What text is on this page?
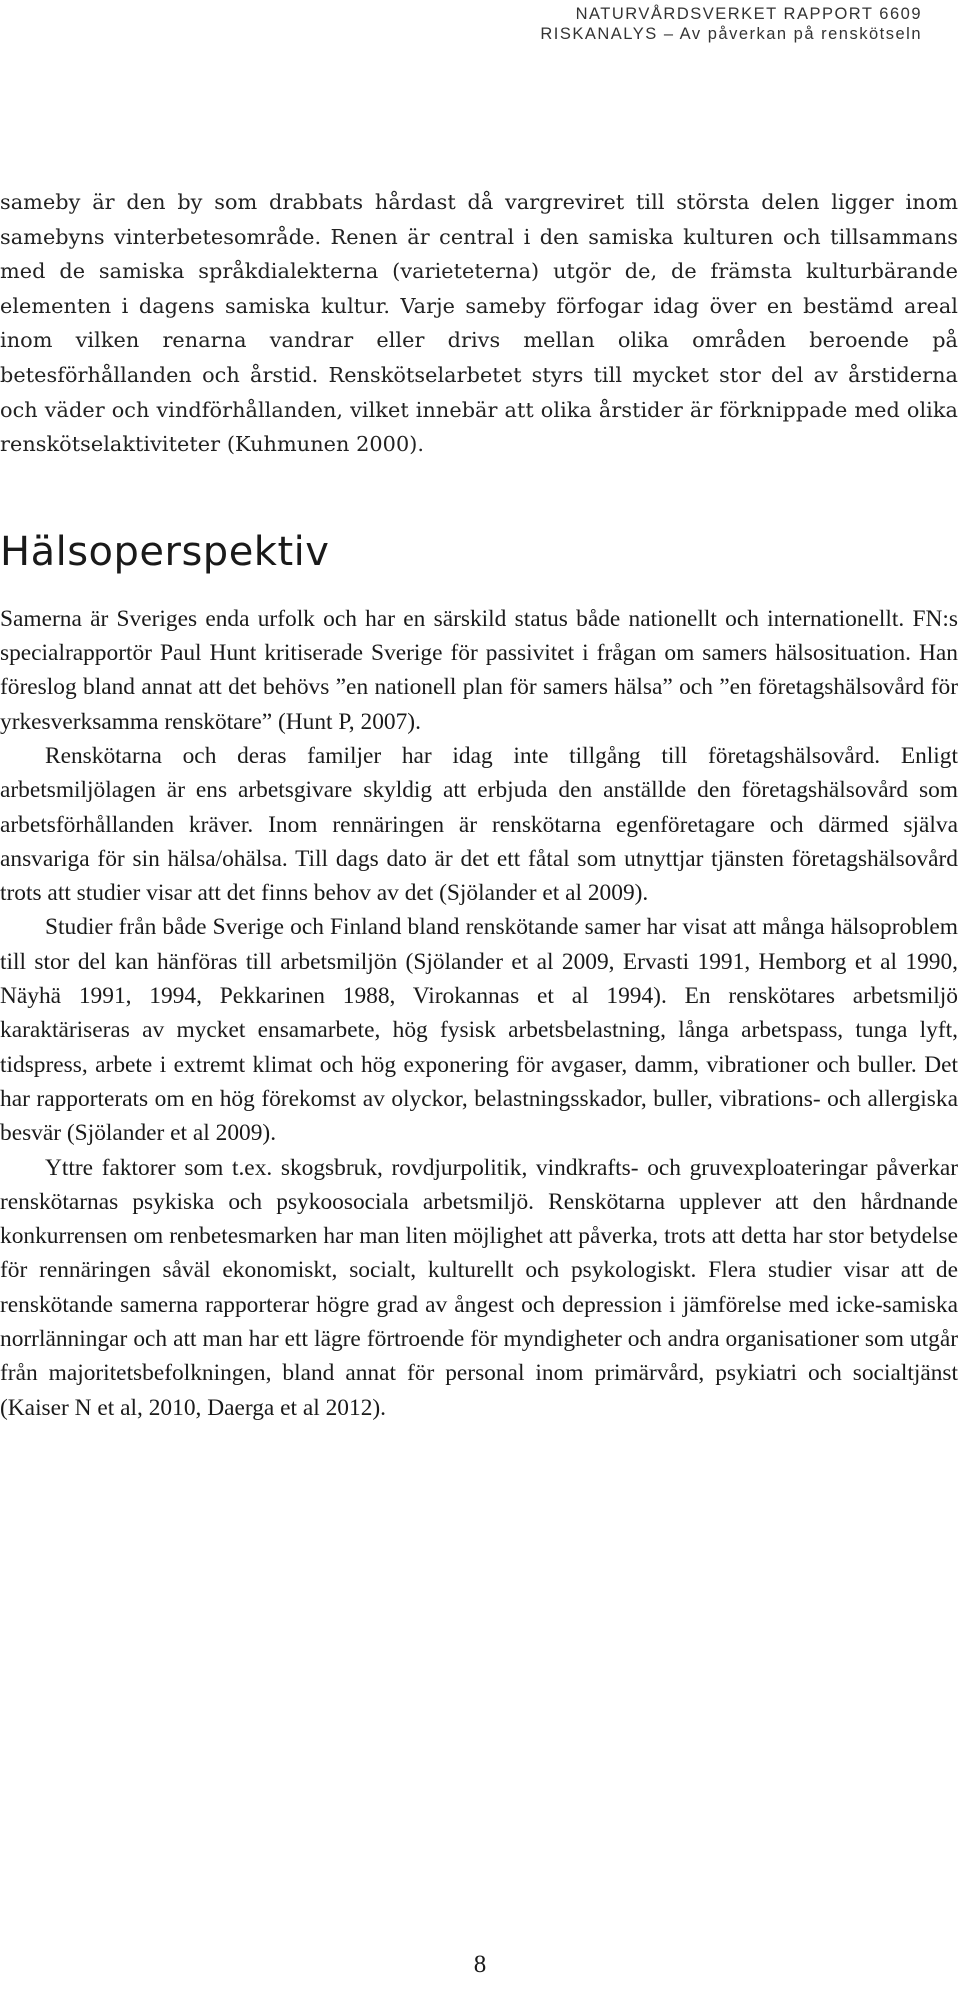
NATURVÅRDSVERKET RAPPORT 6609
RISKANALYS – Av påverkan på renskötseln

sameby är den by som drabbats hårdast då vargreviret till största delen ligger inom samebyns vinterbetesområde. Renen är central i den samiska kulturen och tillsammans med de samiska språkdialekterna (varieteterna) utgör de, de främsta kulturbärande elementen i dagens samiska kultur. Varje sameby förfogar idag över en bestämd areal inom vilken renarna vandrar eller drivs mellan olika områden beroende på betesförhållanden och årstid. Renskötselarbetet styrs till mycket stor del av årstiderna och väder och vindförhållanden, vilket innebär att olika årstider är förknippade med olika renskötselaktiviteter (Kuhmunen 2000).

Hälsoperspektiv

Samerna är Sveriges enda urfolk och har en särskild status både nationellt och internationellt. FN:s specialrapportör Paul Hunt kritiserade Sverige för passivitet i frågan om samers hälsosituation. Han föreslog bland annat att det behövs ”en nationell plan för samers hälsa” och ”en företagshälsovård för yrkesverksamma renskötare” (Hunt P, 2007).

Renskötarna och deras familjer har idag inte tillgång till företagshälsovård. Enligt arbetsmiljölagen är ens arbetsgivare skyldig att erbjuda den anställde den företagshälsovård som arbetsförhållanden kräver. Inom rennäringen är renskötarna egenföretagare och därmed själva ansvariga för sin hälsa/ohälsa. Till dags dato är det ett fåtal som utnyttjar tjänsten företagshälsovård trots att studier visar att det finns behov av det (Sjölander et al 2009).

Studier från både Sverige och Finland bland renskötande samer har visat att många hälsoproblem till stor del kan hänföras till arbetsmiljön (Sjölander et al 2009, Ervasti 1991, Hemborg et al 1990, Näyhä 1991, 1994, Pekkarinen 1988, Virokannas et al 1994). En renskötares arbetsmiljö karaktäriseras av mycket ensamarbete, hög fysisk arbetsbelastning, långa arbetspass, tunga lyft, tidspress, arbete i extremt klimat och hög exponering för avgaser, damm, vibrationer och buller. Det har rapporterats om en hög förekomst av olyckor, belastningsskador, buller, vibrations- och allergiska besvär (Sjölander et al 2009).

Yttre faktorer som t.ex. skogsbruk, rovdjurpolitik, vindkrafts- och gruvexploateringar påverkar renskötarnas psykiska och psykoosociala arbetsmiljö. Renskötarna upplever att den hårdnande konkurrensen om renbetesmarken har man liten möjlighet att påverka, trots att detta har stor betydelse för rennäringen såväl ekonomiskt, socialt, kulturellt och psykologiskt. Flera studier visar att de renskötande samerna rapporterar högre grad av ångest och depression i jämförelse med icke-samiska norrlänningar och att man har ett lägre förtroende för myndigheter och andra organisationer som utgår från majoritetsbefolkningen, bland annat för personal inom primärvård, psykiatri och socialtjänst (Kaiser N et al, 2010, Daerga et al 2012).

8
